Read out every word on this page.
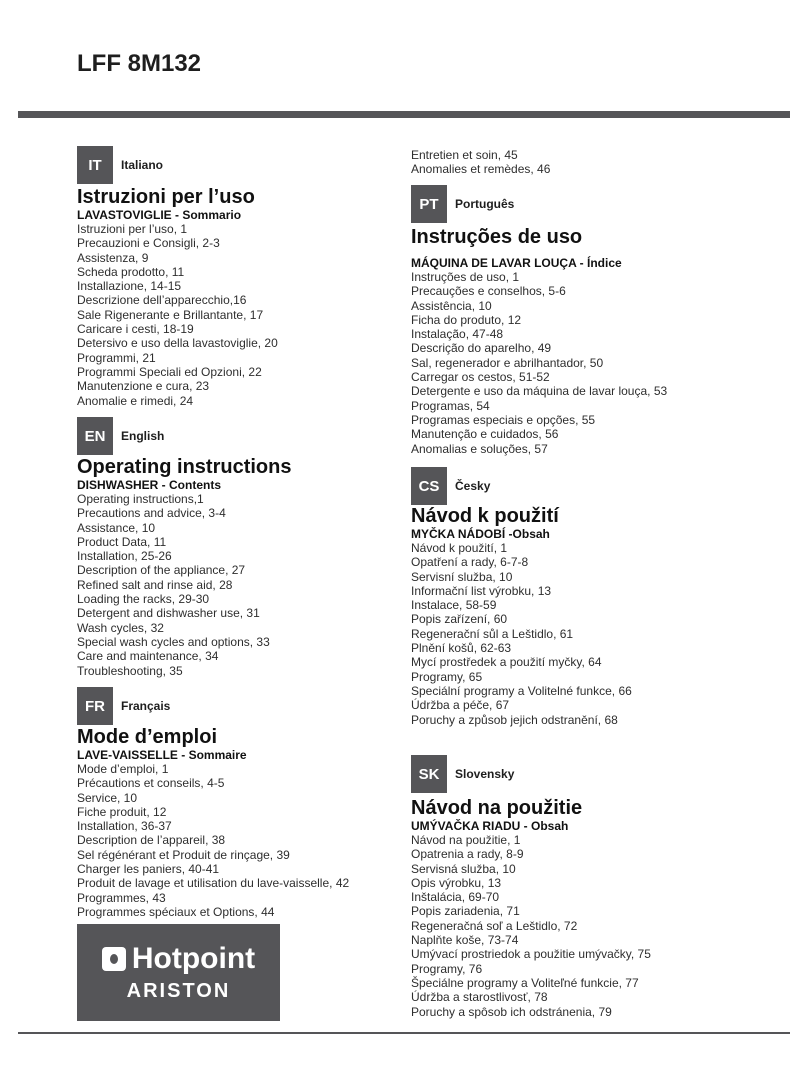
LFF 8M132
IT	Italiano
Istruzioni per l’uso
LAVASTOVIGLIE - Sommario
Istruzioni per l’uso, 1
Precauzioni e Consigli, 2-3
Assistenza, 9
Scheda prodotto, 11
Installazione, 14-15
Descrizione dell’apparecchio,16
Sale Rigenerante e Brillantante, 17
Caricare i cesti, 18-19
Detersivo e uso della lavastoviglie, 20
Programmi, 21
Programmi Speciali ed Opzioni, 22
Manutenzione e cura, 23
Anomalie e rimedi, 24
EN	English
Operating instructions
DISHWASHER - Contents
Operating instructions,1
Precautions and advice, 3-4
Assistance, 10
Product Data, 11
Installation, 25-26
Description of the appliance, 27
Refined salt and rinse aid, 28
Loading the racks, 29-30
Detergent and dishwasher use, 31
Wash cycles, 32
Special wash cycles and options, 33
Care and maintenance, 34
Troubleshooting, 35
FR	Français
Mode d’emploi
LAVE-VAISSELLE - Sommaire
Mode d’emploi, 1
Précautions et conseils, 4-5
Service, 10
Fiche produit, 12
Installation, 36-37
Description de l’appareil, 38
Sel régénérant et Produit de rinçage, 39
Charger les paniers, 40-41
Produit de lavage et utilisation du lave-vaisselle, 42
Programmes, 43
Programmes spéciaux et Options, 44
Entretien et soin, 45
Anomalies et remèdes, 46
PT	Português
Instruções de uso
MÁQUINA DE LAVAR LOUÇA - Índice
Instruções de uso, 1
Precauções e conselhos, 5-6
Assistência, 10
Ficha do produto, 12
Instalação, 47-48
Descrição do aparelho, 49
Sal, regenerador e abrilhantador, 50
Carregar os cestos, 51-52
Detergente e uso da máquina de lavar louça, 53
Programas, 54
Programas especiais e opções, 55
Manutenção e cuidados, 56
Anomalias e soluções, 57
CS	Česky
Návod k použití
MYČKA NÁDOBÍ -Obsah
Návod k použití, 1
Opatření a rady, 6-7-8
Servisní služba, 10
Informační list výrobku, 13
Instalace, 58-59
Popis zařízení, 60
Regenerační sůl a Leštidlo, 61
Plnění košů, 62-63
Mycí prostředek a použití myčky, 64
Programy, 65
Speciální programy a Volitelné funkce, 66
Údržba a péče, 67
Poruchy a způsob jejich odstranění, 68
SK	Slovensky
Návod na použitie
UMÝVAČKA RIADU - Obsah
Návod na použitie, 1
Opatrenia a rady, 8-9
Servisná služba, 10
Opis výrobku, 13
Inštalácia, 69-70
Popis zariadenia, 71
Regeneračná soľ a Leštidlo, 72
Naplňte koše, 73-74
Umývací prostriedok a použitie umývačky, 75
Programy, 76
Špeciálne programy a Voliteľné funkcie, 77
Údržba a starostlivosť, 78
Poruchy a spôsob ich odstránenia, 79
Hotpoint
ARISTON
